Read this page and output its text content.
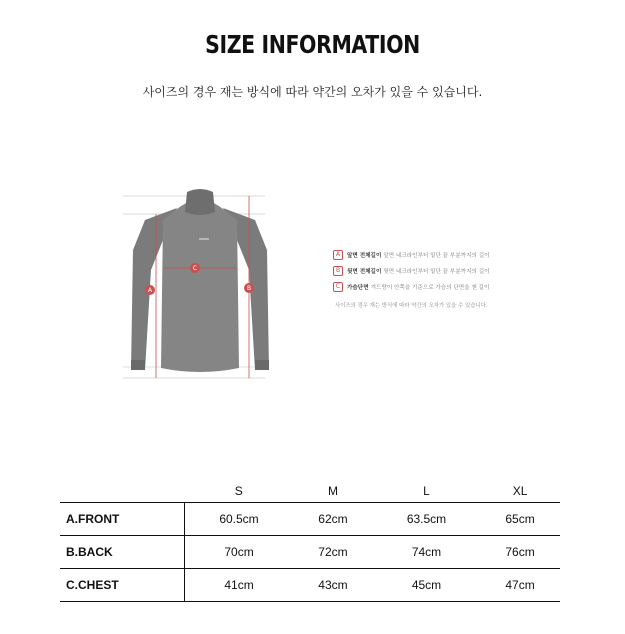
SIZE INFORMATION
사이즈의 경우 재는 방식에 따라 약간의 오차가 있을 수 있습니다.
A	B
C
A	앞면 전체길이 앞면 네크라인부터 밑단 끝 부분까지의 길이
B	뒷면 전체길이 뒷면 네크라인부터 밑단 끝 부분까지의 길이
C	가슴단면 겨드랑이 안쪽을 기준으로 가슴의 단면을 잰 길이
사이즈의 경우 재는 방식에 따라 약간의 오차가 있을 수 있습니다.
	S	M	L	XL
A.FRONT	60.5cm	62cm	63.5cm	65cm
B.BACK	70cm	72cm	74cm	76cm
C.CHEST	41cm	43cm	45cm	47cm
